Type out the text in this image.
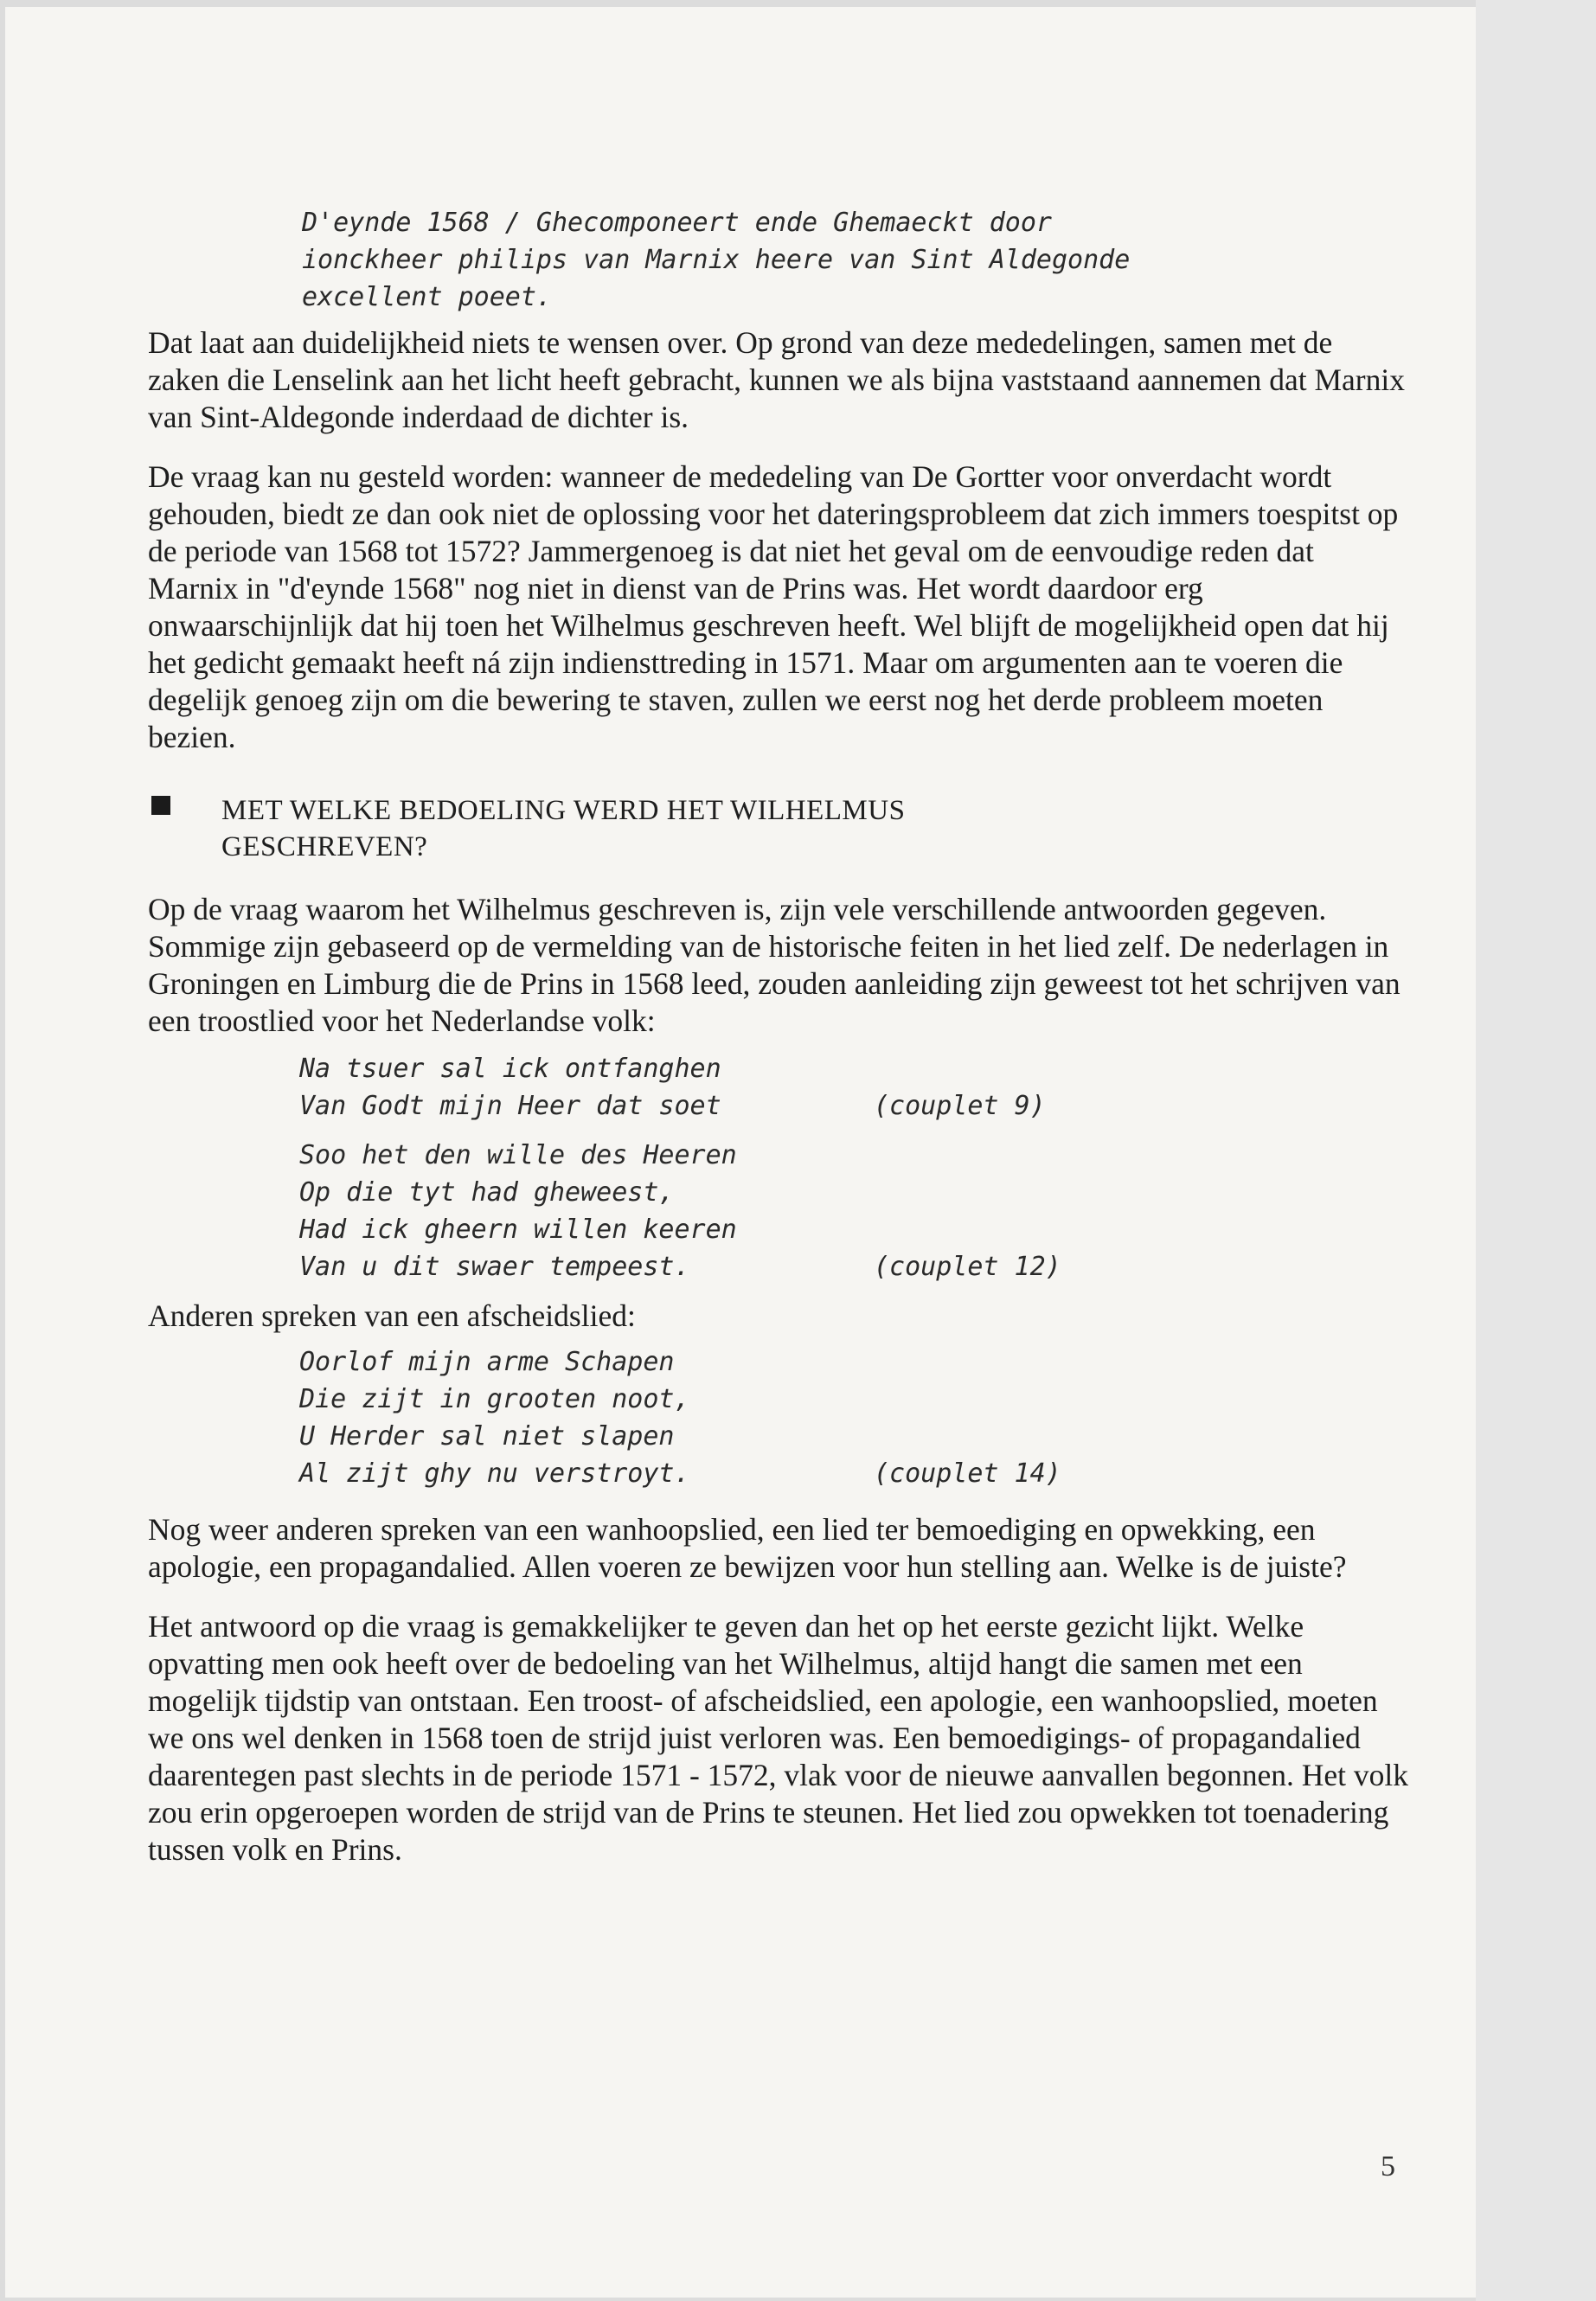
D'eynde 1568 / Ghecomponeert ende Ghemaeckt door
ionckheer philips van Marnix heere van Sint Aldegonde
excellent poeet.

Dat laat aan duidelijkheid niets te wensen over. Op grond van deze mededelingen, samen met de zaken die Lenselink aan het licht heeft gebracht, kunnen we als bijna vaststaand aannemen dat Marnix van Sint-Aldegonde inderdaad de dichter is.

De vraag kan nu gesteld worden: wanneer de mededeling van De Gortter voor onverdacht wordt gehouden, biedt ze dan ook niet de oplossing voor het dateringsprobleem dat zich immers toespitst op de periode van 1568 tot 1572? Jammergenoeg is dat niet het geval om de eenvoudige reden dat Marnix in "d'eynde 1568" nog niet in dienst van de Prins was. Het wordt daardoor erg onwaarschijnlijk dat hij toen het Wilhelmus geschreven heeft. Wel blijft de mogelijkheid open dat hij het gedicht gemaakt heeft ná zijn indiensttreding in 1571. Maar om argumenten aan te voeren die degelijk genoeg zijn om die bewering te staven, zullen we eerst nog het derde probleem moeten bezien.

MET WELKE BEDOELING WERD HET WILHELMUS
GESCHREVEN?

Op de vraag waarom het Wilhelmus geschreven is, zijn vele verschillende antwoorden gegeven. Sommige zijn gebaseerd op de vermelding van de historische feiten in het lied zelf. De nederlagen in Groningen en Limburg die de Prins in 1568 leed, zouden aanleiding zijn geweest tot het schrijven van een troostlied voor het Nederlandse volk:

Na tsuer sal ick ontfanghen
Van Godt mijn Heer dat soet	(couplet 9)
Soo het den wille des Heeren
Op die tyt had gheweest,
Had ick gheern willen keeren
Van u dit swaer tempeest.	(couplet 12)
Anderen spreken van een afscheidslied:
Oorlof mijn arme Schapen
Die zijt in grooten noot,
U Herder sal niet slapen
Al zijt ghy nu verstroyt.	(couplet 14)

Nog weer anderen spreken van een wanhoopslied, een lied ter bemoediging en opwekking, een apologie, een propagandalied. Allen voeren ze bewijzen voor hun stelling aan. Welke is de juiste?

Het antwoord op die vraag is gemakkelijker te geven dan het op het eerste gezicht lijkt. Welke opvatting men ook heeft over de bedoeling van het Wilhelmus, altijd hangt die samen met een mogelijk tijdstip van ontstaan. Een troost- of afscheidslied, een apologie, een wanhoopslied, moeten we ons wel denken in 1568 toen de strijd juist verloren was. Een bemoedigings- of propagandalied daarentegen past slechts in de periode 1571 - 1572, vlak voor de nieuwe aanvallen begonnen. Het volk zou erin opgeroepen worden de strijd van de Prins te steunen. Het lied zou opwekken tot toenadering tussen volk en Prins.

5
